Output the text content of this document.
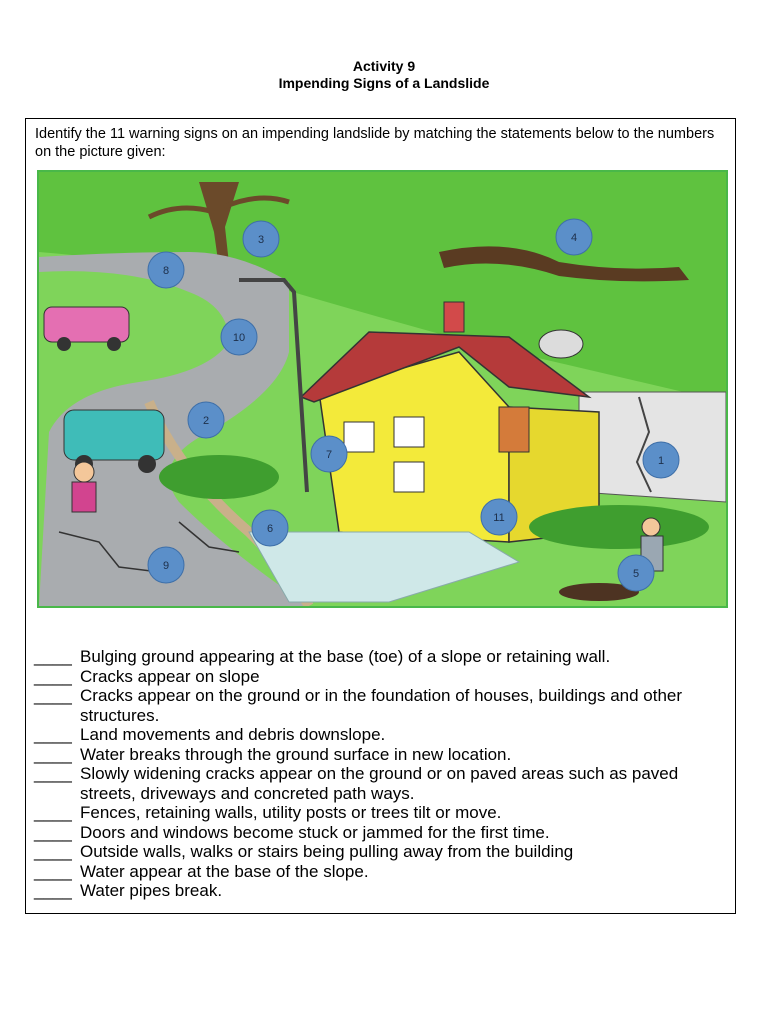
Activity 9
Impending Signs of a Landslide

Identify the 11 warning signs on an impending landslide by matching the statements below to the numbers on the picture given:

1
2
3	4
5
6
7
8
9
10
11
____ Bulging ground appearing at the base (toe) of a slope or retaining wall.
____ Cracks appear on slope
____ Cracks appear on the ground or in the foundation of houses, buildings and other structures.
____ Land movements and debris downslope.
____ Water breaks through the ground surface in new location.
____ Slowly widening cracks appear on the ground or on paved areas such as paved streets, driveways and concreted path ways.
____ Fences, retaining walls, utility posts or trees tilt or move.
____ Doors and windows become stuck or jammed for the first time.
____ Outside walls, walks or stairs being pulling away from the building
____ Water appear at the base of the slope.
____ Water pipes break.
